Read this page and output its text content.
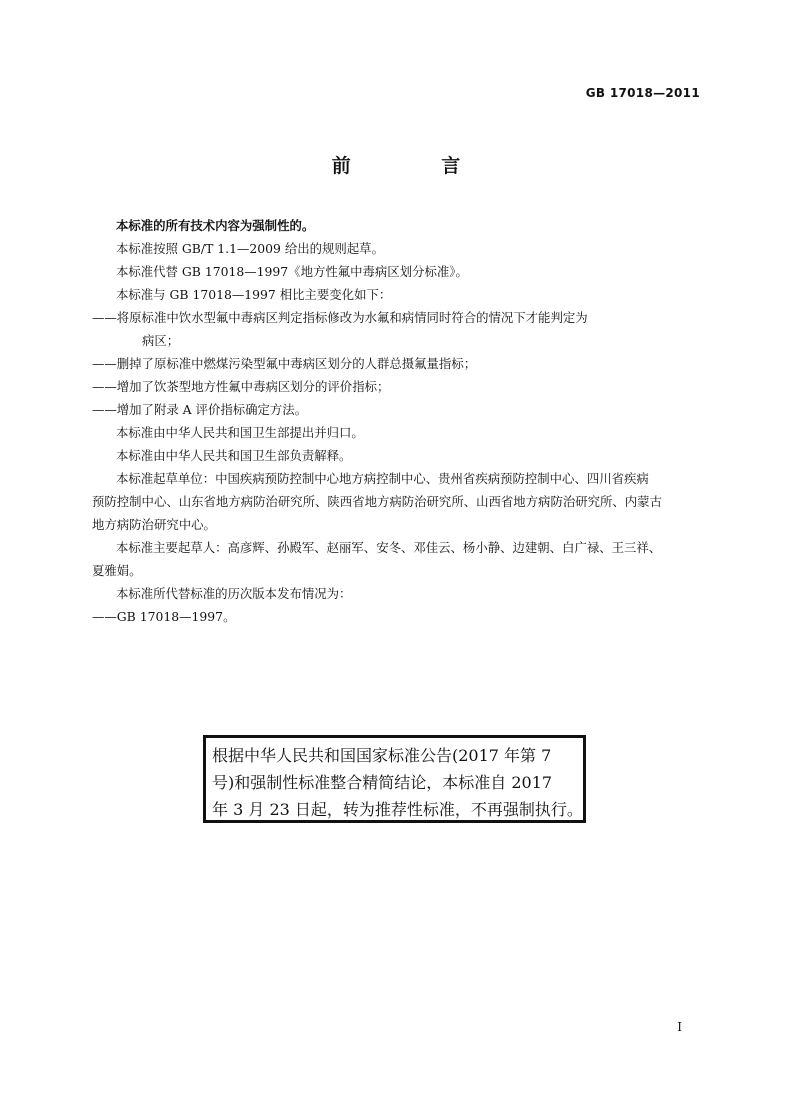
GB 17018—2011
前 言

本标准的所有技术内容为强制性的。

本标准按照 GB/T 1.1—2009 给出的规则起草。

本标准代替 GB 17018—1997《地方性氟中毒病区划分标准》。

本标准与 GB 17018—1997 相比主要变化如下：

——将原标准中饮水型氟中毒病区判定指标修改为水氟和病情同时符合的情况下才能判定为

病区；

——删掉了原标准中燃煤污染型氟中毒病区划分的人群总摄氟量指标；

——增加了饮茶型地方性氟中毒病区划分的评价指标；

——增加了附录 A 评价指标确定方法。

本标准由中华人民共和国卫生部提出并归口。

本标准由中华人民共和国卫生部负责解释。

本标准起草单位：中国疾病预防控制中心地方病控制中心、贵州省疾病预防控制中心、四川省疾病

预防控制中心、山东省地方病防治研究所、陕西省地方病防治研究所、山西省地方病防治研究所、内蒙古

地方病防治研究中心。

本标准主要起草人：高彦辉、孙殿军、赵丽军、安冬、邓佳云、杨小静、边建朝、白广禄、王三祥、

夏雅娟。

本标准所代替标准的历次版本发布情况为：

——GB 17018—1997。

根据中华人民共和国国家标准公告(2017 年第 7

号)和强制性标准整合精简结论，本标准自 2017

年 3 月 23 日起，转为推荐性标准，不再强制执行。

I
